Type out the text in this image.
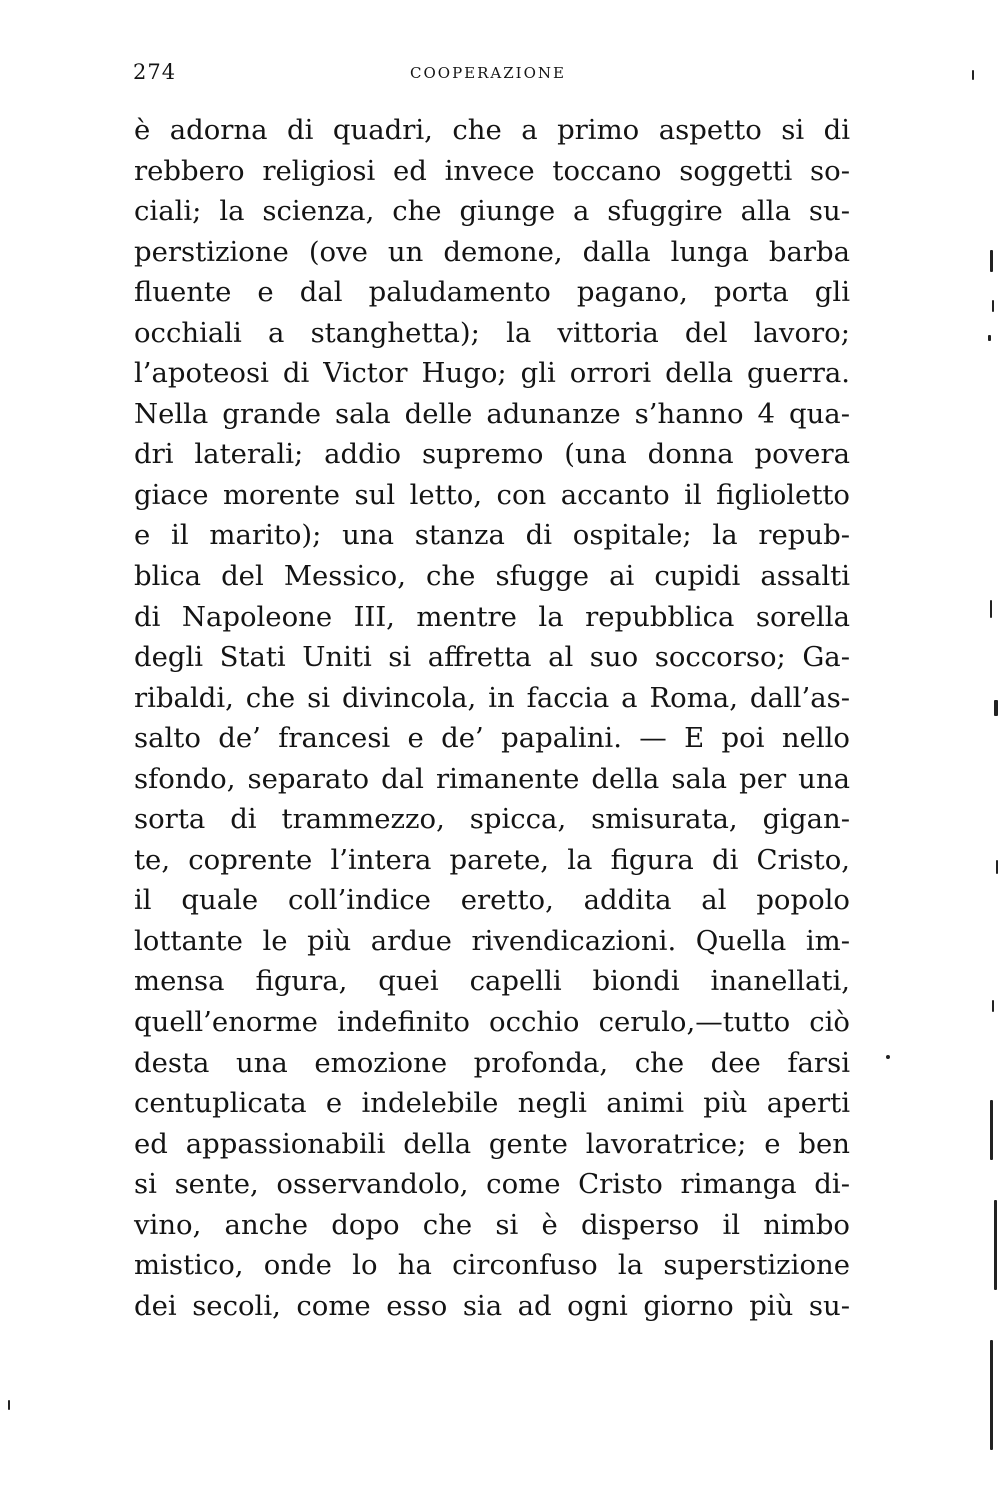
274	COOPERAZIONE
è adorna di quadri, che a primo aspetto si di
rebbero religiosi ed invece toccano soggetti so-
ciali; la scienza, che giunge a sfuggire alla su-
perstizione (ove un demone, dalla lunga barba
fluente e dal paludamento pagano, porta gli
occhiali a stanghetta); la vittoria del lavoro;
l’apoteosi di Victor Hugo; gli orrori della guerra.
Nella grande sala delle adunanze s’hanno 4 qua-
dri laterali; addio supremo (una donna povera
giace morente sul letto, con accanto il figlioletto
e il marito); una stanza di ospitale; la repub-
blica del Messico, che sfugge ai cupidi assalti
di Napoleone III, mentre la repubblica sorella
degli Stati Uniti si affretta al suo soccorso; Ga-
ribaldi, che si divincola, in faccia a Roma, dall’as-
salto de’ francesi e de’ papalini. — E poi nello
sfondo, separato dal rimanente della sala per una
sorta di trammezzo, spicca, smisurata, gigan-
te, coprente l’intera parete, la figura di Cristo,
il quale coll’indice eretto, addita al popolo
lottante le più ardue rivendicazioni. Quella im-
mensa figura, quei capelli biondi inanellati,
quell’enorme indefinito occhio cerulo,—tutto ciò
desta una emozione profonda, che dee farsi
centuplicata e indelebile negli animi più aperti
ed appassionabili della gente lavoratrice; e ben
si sente, osservandolo, come Cristo rimanga di-
vino, anche dopo che si è disperso il nimbo
mistico, onde lo ha circonfuso la superstizione
dei secoli, come esso sia ad ogni giorno più su-
